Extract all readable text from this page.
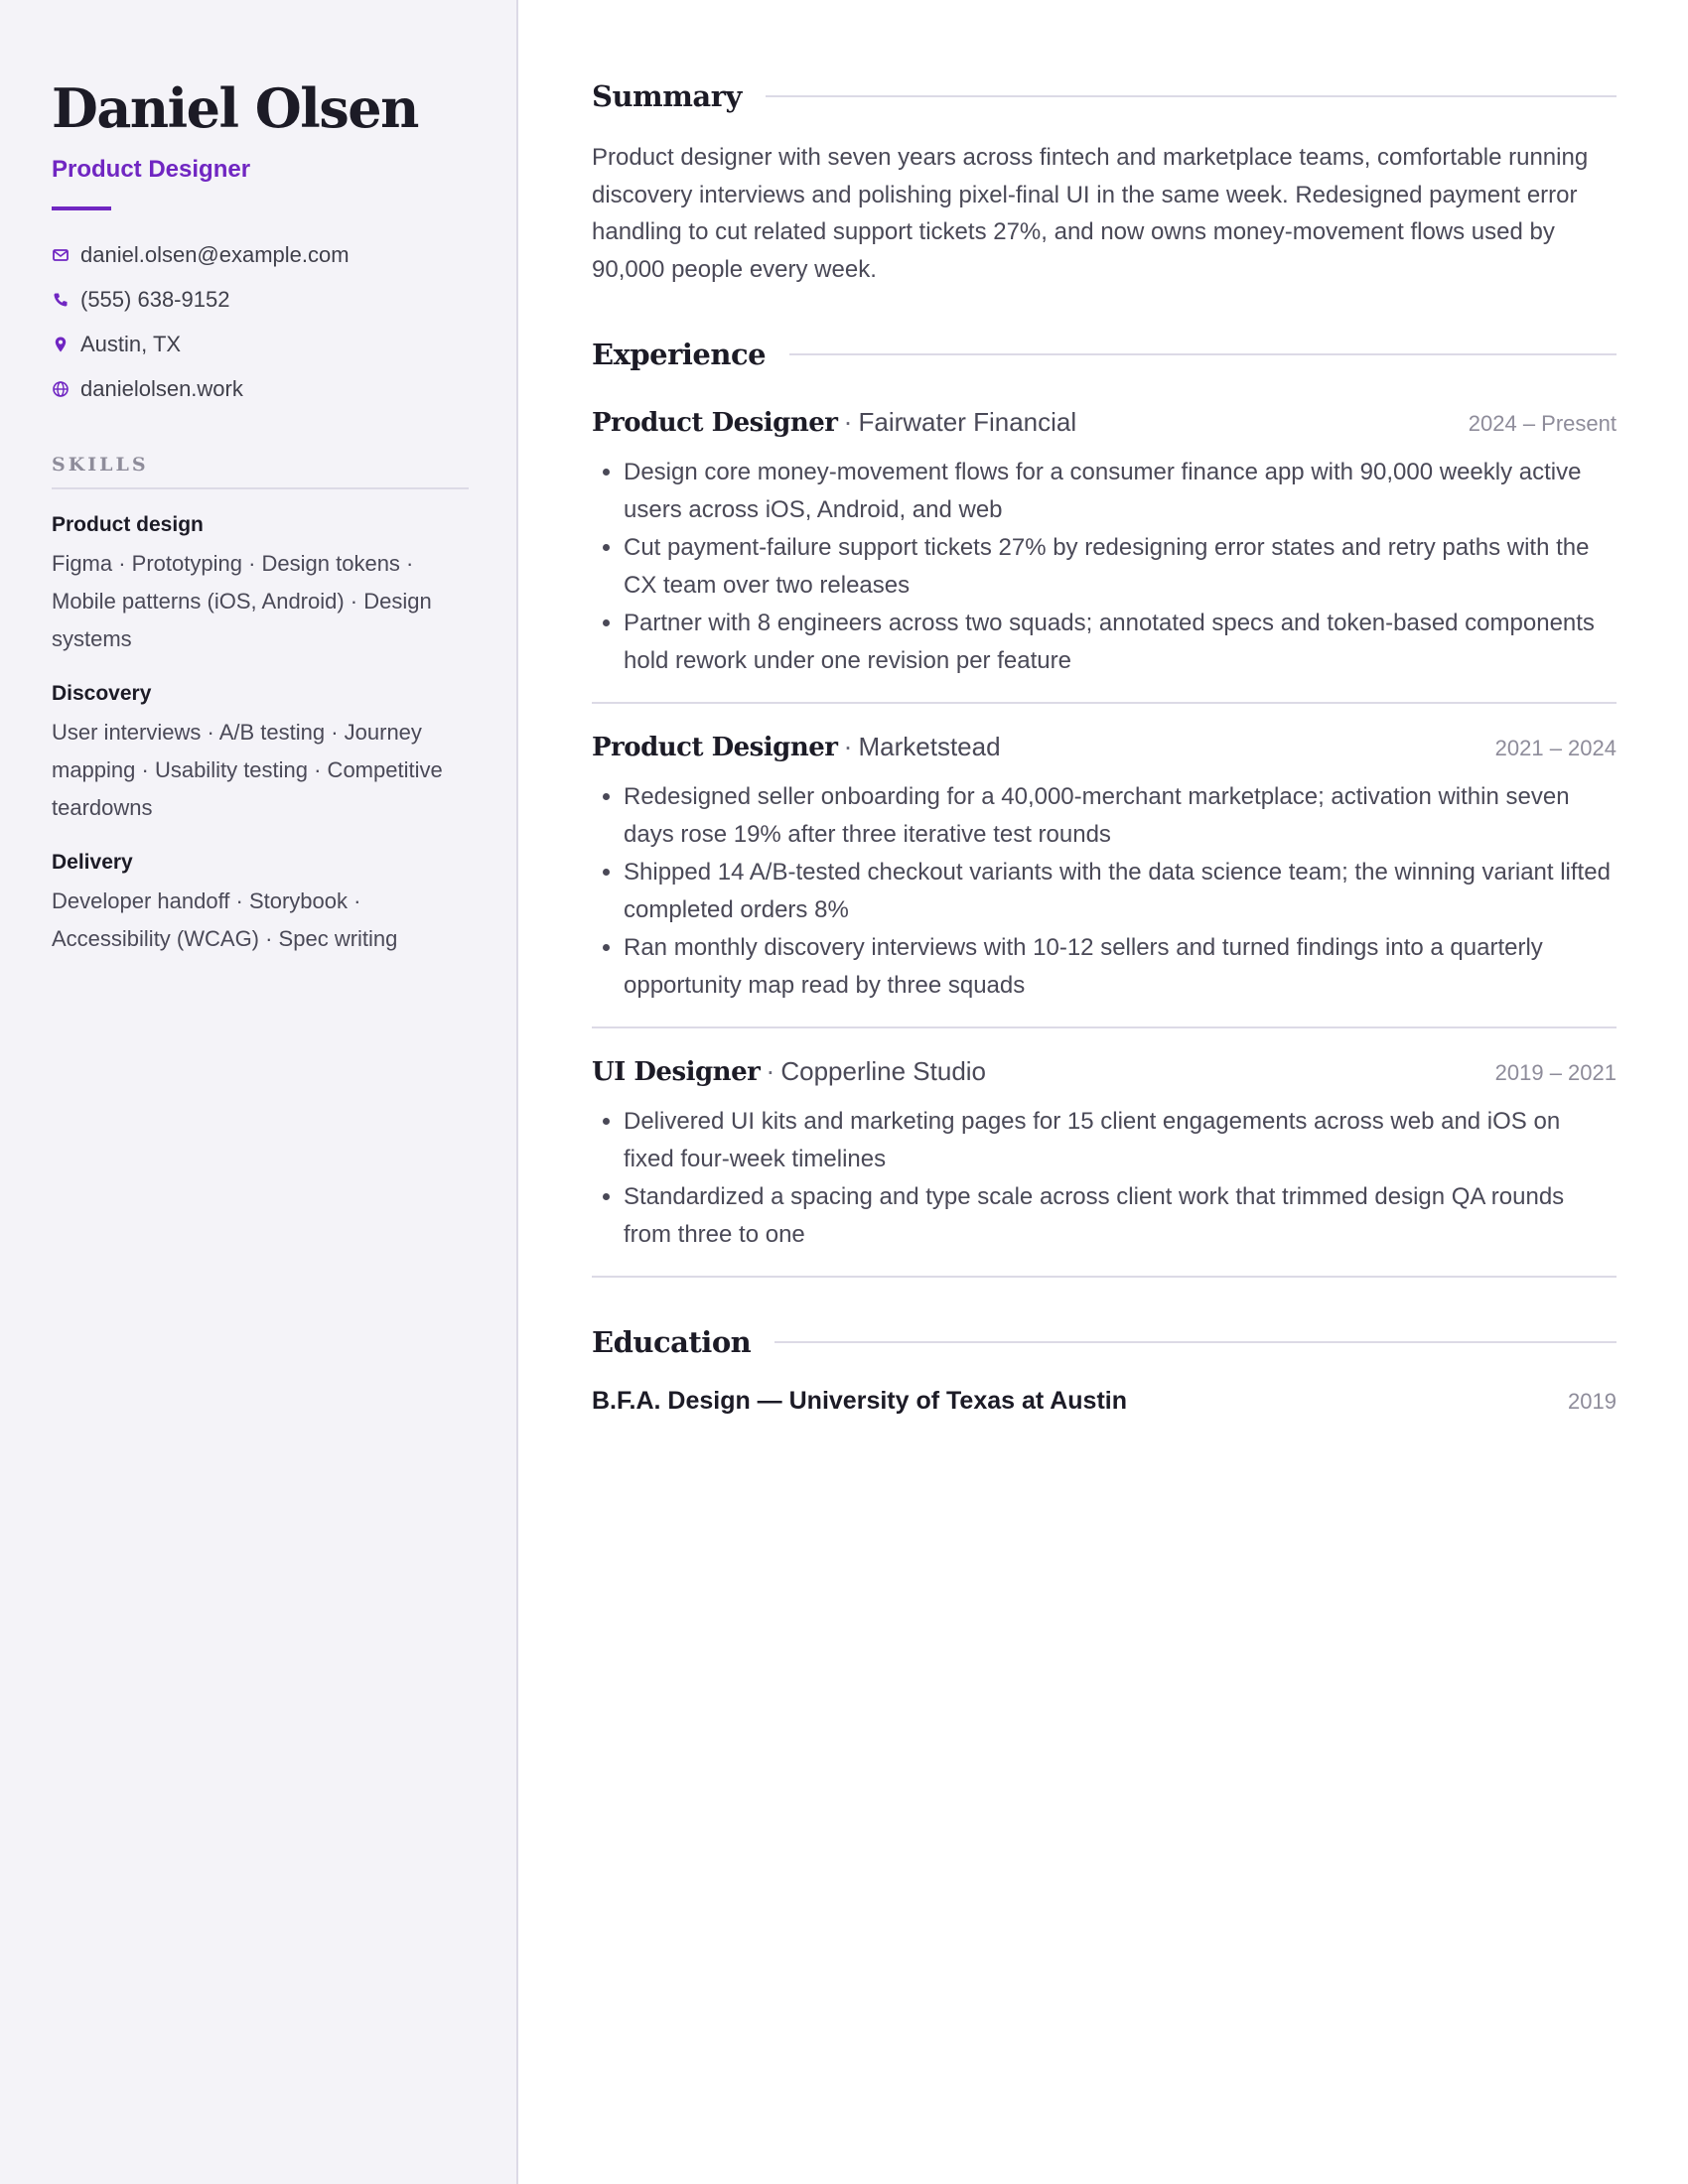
Daniel Olsen
Product Designer
daniel.olsen@example.com
(555) 638-9152
Austin, TX
danielolsen.work
SKILLS
Product design
Figma · Prototyping · Design tokens · Mobile patterns (iOS, Android) · Design systems
Discovery
User interviews · A/B testing · Journey mapping · Usability testing · Competitive teardowns
Delivery
Developer handoff · Storybook · Accessibility (WCAG) · Spec writing
Summary
Product designer with seven years across fintech and marketplace teams, comfortable running discovery interviews and polishing pixel-final UI in the same week. Redesigned payment error handling to cut related support tickets 27%, and now owns money-movement flows used by 90,000 people every week.
Experience
Product Designer · Fairwater Financial	2024 – Present
• Design core money-movement flows for a consumer finance app with 90,000 weekly active users across iOS, Android, and web
• Cut payment-failure support tickets 27% by redesigning error states and retry paths with the CX team over two releases
• Partner with 8 engineers across two squads; annotated specs and token-based components hold rework under one revision per feature
Product Designer · Marketstead	2021 – 2024
• Redesigned seller onboarding for a 40,000-merchant marketplace; activation within seven days rose 19% after three iterative test rounds
• Shipped 14 A/B-tested checkout variants with the data science team; the winning variant lifted completed orders 8%
• Ran monthly discovery interviews with 10-12 sellers and turned findings into a quarterly opportunity map read by three squads
UI Designer · Copperline Studio	2019 – 2021
• Delivered UI kits and marketing pages for 15 client engagements across web and iOS on fixed four-week timelines
• Standardized a spacing and type scale across client work that trimmed design QA rounds from three to one
Education
B.F.A. Design — University of Texas at Austin	2019
